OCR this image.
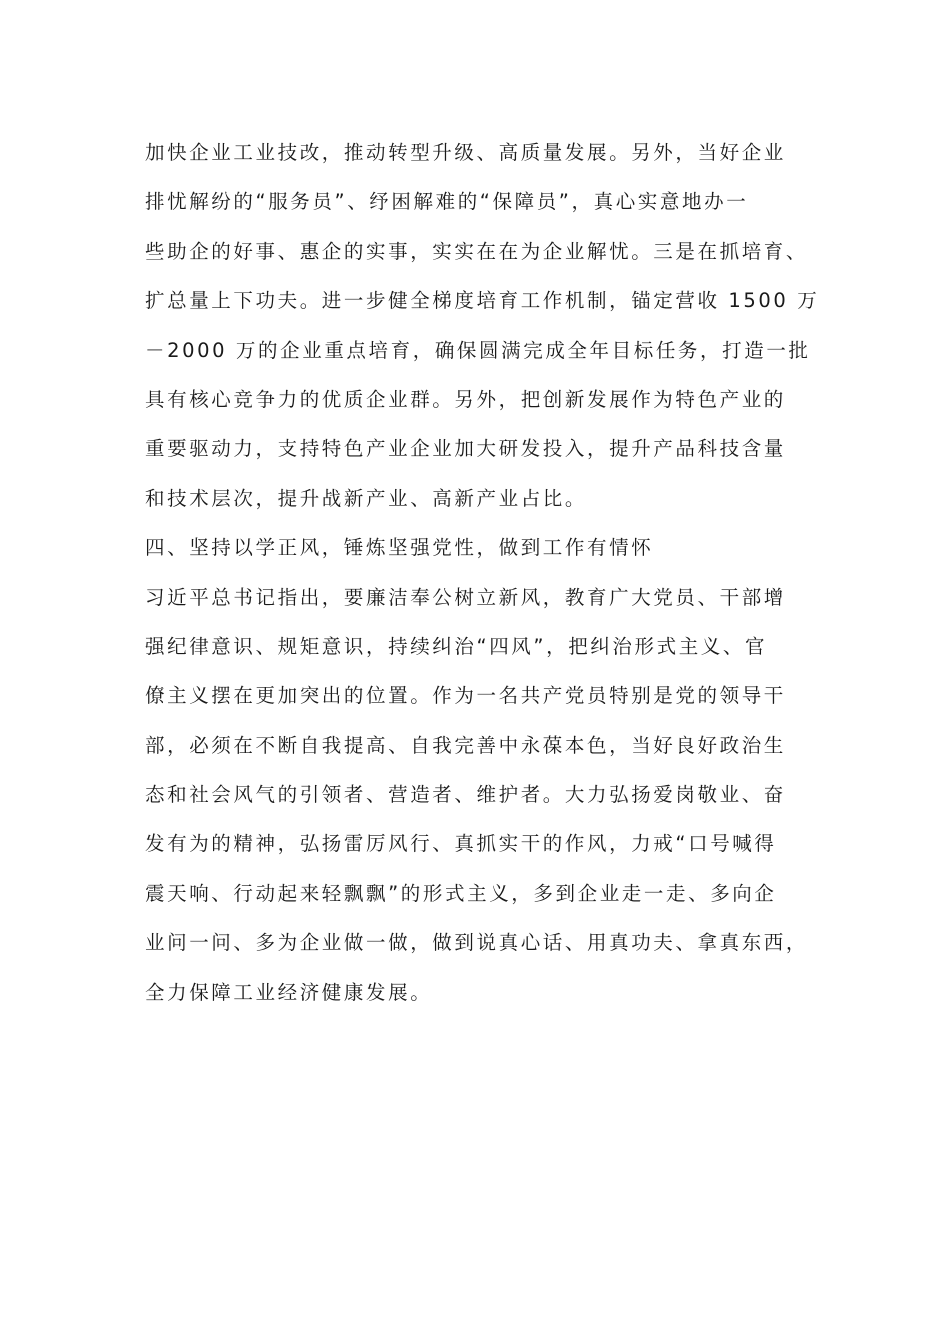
加快企业工业技改，推动转型升级、高质量发展。另外，当好企业
排忧解纷的“服务员”、纾困解难的“保障员”，真心实意地办一
些助企的好事、惠企的实事，实实在在为企业解忧。三是在抓培育、
扩总量上下功夫。进一步健全梯度培育工作机制，锚定营收 1500 万
－2000 万的企业重点培育，确保圆满完成全年目标任务，打造一批
具有核心竞争力的优质企业群。另外，把创新发展作为特色产业的
重要驱动力，支持特色产业企业加大研发投入，提升产品科技含量
和技术层次，提升战新产业、高新产业占比。
四、坚持以学正风，锤炼坚强党性，做到工作有情怀
习近平总书记指出，要廉洁奉公树立新风，教育广大党员、干部增
强纪律意识、规矩意识，持续纠治“四风”，把纠治形式主义、官
僚主义摆在更加突出的位置。作为一名共产党员特别是党的领导干
部，必须在不断自我提高、自我完善中永葆本色，当好良好政治生
态和社会风气的引领者、营造者、维护者。大力弘扬爱岗敬业、奋
发有为的精神，弘扬雷厉风行、真抓实干的作风，力戒“口号喊得
震天响、行动起来轻飘飘”的形式主义，多到企业走一走、多向企
业问一问、多为企业做一做，做到说真心话、用真功夫、拿真东西，
全力保障工业经济健康发展。
